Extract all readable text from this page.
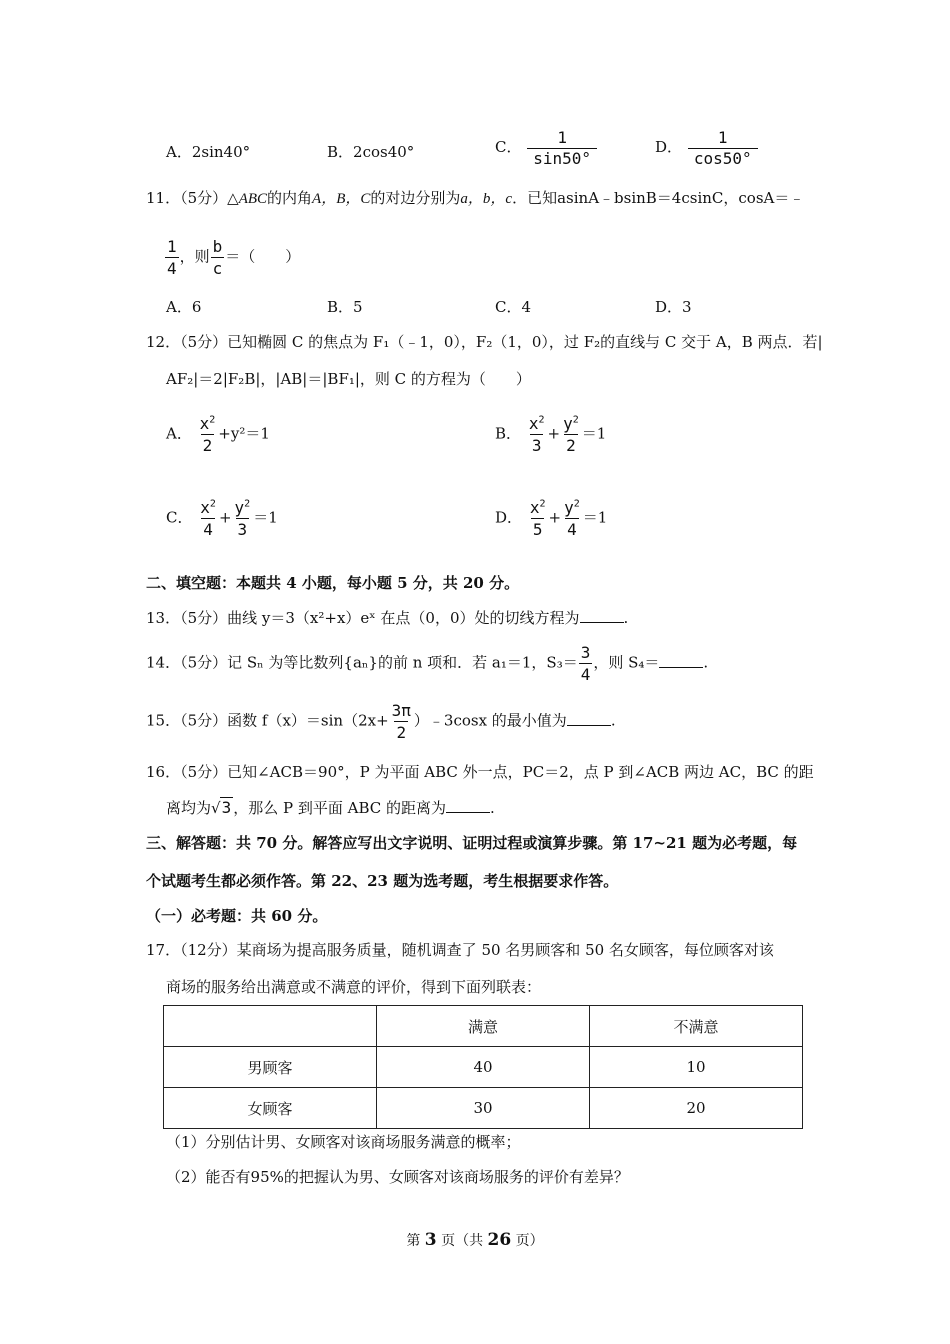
A．2sin40°	B．2cos40°	C． $\frac{1}{\sin 50^\circ}$	D． $\frac{1}{\cos 50^\circ}$
11．（5分）△ABC的内角A，B，C的对边分别为a，b，c．已知asinA﹣bsinB＝4csinC，cosA＝﹣
$\frac{1}{4}$ ，则 $\frac{b}{c}$ ＝（　　）
A．6	B．5	C．4	D．3
12．（5分）已知椭圆 C 的焦点为 F₁（﹣1，0），F₂（1，0），过 F₂的直线与 C 交于 A，B 两点．若|
AF₂|＝2|F₂B|，|AB|＝|BF₁|，则 C 的方程为（　　）
A． $\frac{x^2}{2} +y^2=1$	B． $\frac{x^2}{3} + \frac{y^2}{2} =1$
C． $\frac{x^2}{4} + \frac{y^2}{3} =1$	D． $\frac{x^2}{5} + \frac{y^2}{4} =1$
二、填空题：本题共 4 小题，每小题 5 分，共 20 分。
13．（5分）曲线 y＝3（x²+x）eˣ 在点（0，0）处的切线方程为	.
14．（5分）记 Sₙ 为等比数列{aₙ}的前 n 项和．若 a₁＝1，$S_3= \frac{3}{4}$ ，则 S₄＝	.
15．（5分）函数 $f(x)=\sin(2x+ \frac{3\pi}{2}$ ）﹣3cosx 的最小值为	.
16．（5分）已知∠ACB＝90°，P 为平面 ABC 外一点，PC＝2，点 P 到∠ACB 两边 AC，BC 的距
离均为√3 ，那么 P 到平面 ABC 的距离为	.
三、解答题：共 70 分。解答应写出文字说明、证明过程或演算步骤。第 17~21 题为必考题，每
个试题考生都必须作答。第 22、23 题为选考题，考生根据要求作答。
（一）必考题：共 60 分。
17．（12分）某商场为提高服务质量，随机调查了 50 名男顾客和 50 名女顾客，每位顾客对该
商场的服务给出满意或不满意的评价，得到下面列联表：
	满意	不满意
男顾客	40	10
女顾客	30	20
（1）分别估计男、女顾客对该商场服务满意的概率；
（2）能否有95%的把握认为男、女顾客对该商场服务的评价有差异？
第 3 页（共 26 页）
